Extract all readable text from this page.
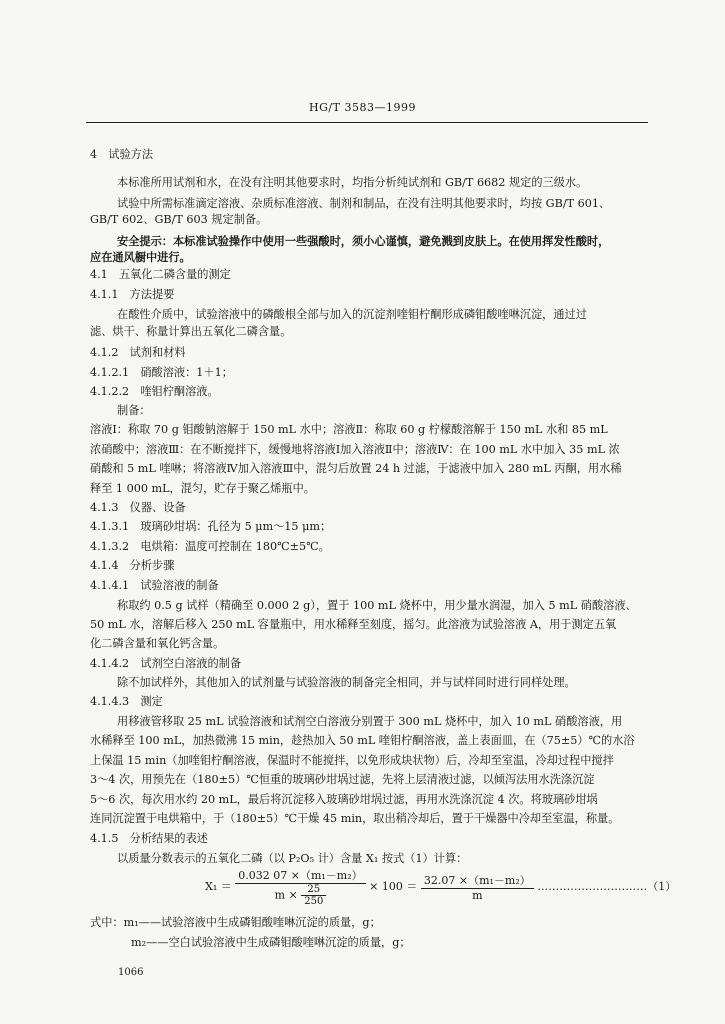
HG/T 3583—1999
4　试验方法
本标准所用试剂和水，在没有注明其他要求时，均指分析纯试剂和 GB/T 6682 规定的三级水。
试验中所需标准滴定溶液、杂质标准溶液、制剂和制品，在没有注明其他要求时，均按 GB/T 601、
GB/T 602、GB/T 603 规定制备。
安全提示：本标准试验操作中使用一些强酸时，须小心谨慎，避免溅到皮肤上。在使用挥发性酸时，
应在通风橱中进行。
4.1　五氧化二磷含量的测定
4.1.1　方法提要
在酸性介质中，试验溶液中的磷酸根全部与加入的沉淀剂喹钼柠酮形成磷钼酸喹啉沉淀，通过过
滤、烘干、称量计算出五氧化二磷含量。
4.1.2　试剂和材料
4.1.2.1　硝酸溶液：1＋1；
4.1.2.2　喹钼柠酮溶液。
制备：
溶液Ⅰ：称取 70 g 钼酸钠溶解于 150 mL 水中；溶液Ⅱ：称取 60 g 柠檬酸溶解于 150 mL 水和 85 mL
浓硝酸中；溶液Ⅲ：在不断搅拌下，缓慢地将溶液Ⅰ加入溶液Ⅱ中；溶液Ⅳ：在 100 mL 水中加入 35 mL 浓
硝酸和 5 mL 喹啉；将溶液Ⅳ加入溶液Ⅲ中，混匀后放置 24 h 过滤，于滤液中加入 280 mL 丙酮，用水稀
释至 1 000 mL，混匀，贮存于聚乙烯瓶中。
4.1.3　仪器、设备
4.1.3.1　玻璃砂坩埚：孔径为 5 μm～15 μm；
4.1.3.2　电烘箱：温度可控制在 180℃±5℃。
4.1.4　分析步骤
4.1.4.1　试验溶液的制备
称取约 0.5 g 试样（精确至 0.000 2 g），置于 100 mL 烧杯中，用少量水润湿，加入 5 mL 硝酸溶液、
50 mL 水，溶解后移入 250 mL 容量瓶中，用水稀释至刻度，摇匀。此溶液为试验溶液 A，用于测定五氧
化二磷含量和氧化钙含量。
4.1.4.2　试剂空白溶液的制备
除不加试样外，其他加入的试剂量与试验溶液的制备完全相同，并与试样同时进行同样处理。
4.1.4.3　测定
用移液管移取 25 mL 试验溶液和试剂空白溶液分别置于 300 mL 烧杯中，加入 10 mL 硝酸溶液，用
水稀释至 100 mL，加热微沸 15 min，趁热加入 50 mL 喹钼柠酮溶液，盖上表面皿，在（75±5）℃的水浴
上保温 15 min（加喹钼柠酮溶液，保温时不能搅拌，以免形成块状物）后，冷却至室温，冷却过程中搅拌
3～4 次，用预先在（180±5）℃恒重的玻璃砂坩埚过滤，先将上层清液过滤，以倾泻法用水洗涤沉淀
5～6 次，每次用水约 20 mL，最后将沉淀移入玻璃砂坩埚过滤，再用水洗涤沉淀 4 次。将玻璃砂坩埚
连同沉淀置于电烘箱中，于（180±5）℃干燥 45 min，取出稍冷却后，置于干燥器中冷却至室温，称量。
4.1.5　分析结果的表述
以质量分数表示的五氧化二磷（以 P₂O₅ 计）含量 X₁ 按式（1）计算：
式中：m₁——试验溶液中生成磷钼酸喹啉沉淀的质量，g；
m₂——空白试验溶液中生成磷钼酸喹啉沉淀的质量，g；
$X_1 = \frac{\text{0.032 07 ×（m₁－m₂）}}{m \times \frac{25}{250}} \times 100 = \frac{\text{32.07 ×（m₁－m₂）}}{m}$ …………………………（1）
1066
